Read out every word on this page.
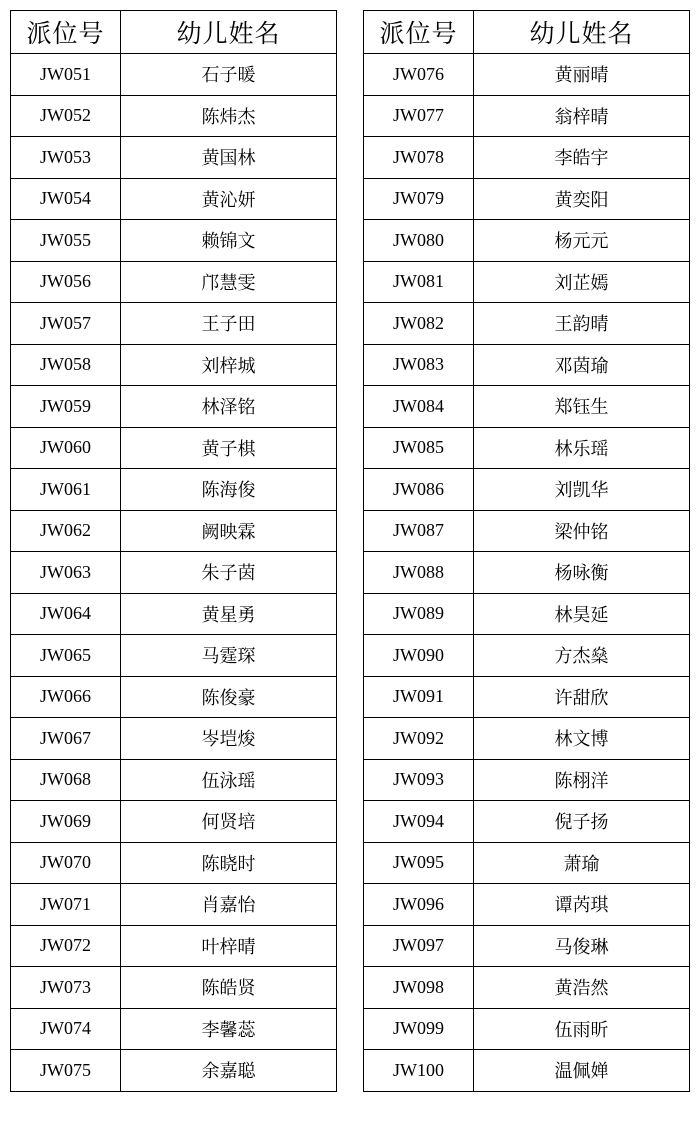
派位号	幼儿姓名
JW051	石子暖
JW052	陈炜杰
JW053	黄国林
JW054	黄沁妍
JW055	赖锦文
JW056	邝慧雯
JW057	王子田
JW058	刘梓城
JW059	林泽铭
JW060	黄子棋
JW061	陈海俊
JW062	阙映霖
JW063	朱子茵
JW064	黄星勇
JW065	马霆琛
JW066	陈俊豪
JW067	岑垲焌
JW068	伍泳瑶
JW069	何贤培
JW070	陈晓时
JW071	肖嘉怡
JW072	叶梓晴
JW073	陈皓贤
JW074	李馨蕊
JW075	余嘉聪
派位号	幼儿姓名
JW076	黄丽晴
JW077	翁梓晴
JW078	李皓宇
JW079	黄奕阳
JW080	杨元元
JW081	刘芷嫣
JW082	王韵晴
JW083	邓茵瑜
JW084	郑钰生
JW085	林乐瑶
JW086	刘凯华
JW087	梁仲铭
JW088	杨咏衡
JW089	林昊延
JW090	方杰燊
JW091	许甜欣
JW092	林文博
JW093	陈栩洋
JW094	倪子扬
JW095	萧瑜
JW096	谭芮琪
JW097	马俊琳
JW098	黄浩然
JW099	伍雨昕
JW100	温佩婵
